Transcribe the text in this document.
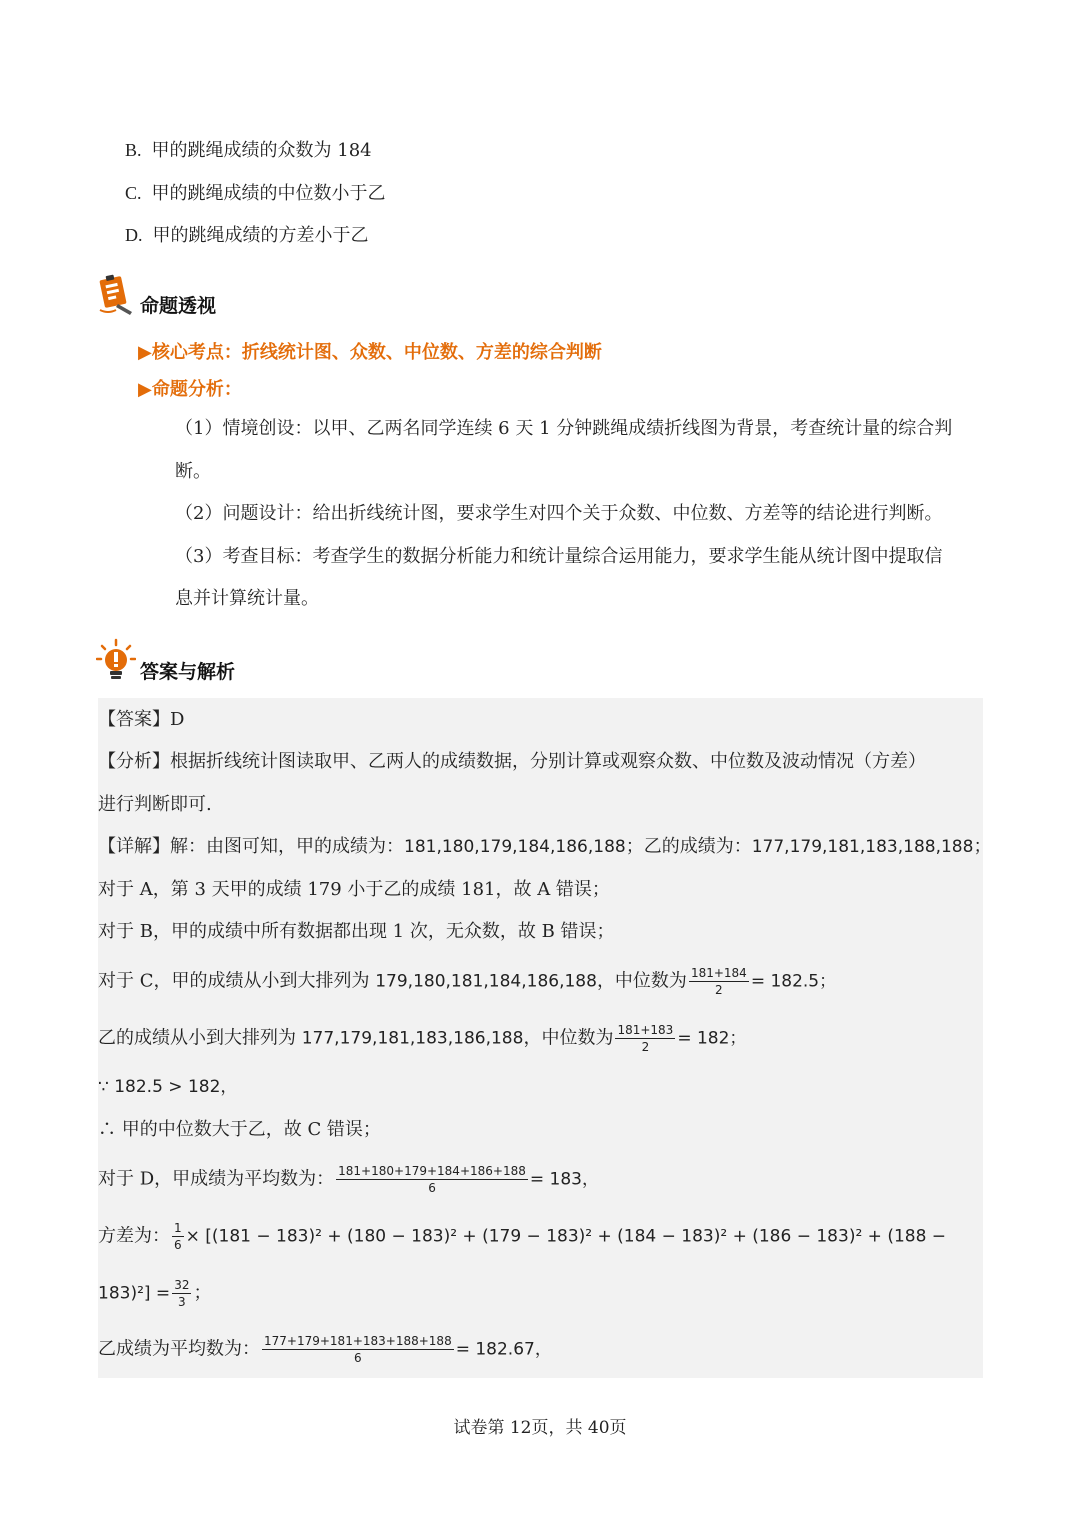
B. 甲的跳绳成绩的众数为 184
C. 甲的跳绳成绩的中位数小于乙
D. 甲的跳绳成绩的方差小于乙
命题透视
▶核心考点：折线统计图、众数、中位数、方差的综合判断
▶命题分析：
（1）情境创设：以甲、乙两名同学连续 6 天 1 分钟跳绳成绩折线图为背景，考查统计量的综合判
断。
（2）问题设计：给出折线统计图，要求学生对四个关于众数、中位数、方差等的结论进行判断。
（3）考查目标：考查学生的数据分析能力和统计量综合运用能力，要求学生能从统计图中提取信
息并计算统计量。
答案与解析
【答案】D
【分析】根据折线统计图读取甲、乙两人的成绩数据，分别计算或观察众数、中位数及波动情况（方差）
进行判断即可.
【详解】解：由图可知，甲的成绩为：181,180,179,184,186,188；乙的成绩为：177,179,181,183,188,188；
对于 A，第 3 天甲的成绩 179 小于乙的成绩 181，故 A 错误；
对于 B，甲的成绩中所有数据都出现 1 次，无众数，故 B 错误；
对于 C，甲的成绩从小到大排列为 179,180,181,184,186,188，中位数为 $\frac{181+184}{2} = 182.5$；
乙的成绩从小到大排列为 177,179,181,183,186,188，中位数为 $\frac{181+183}{2} = 182$；
∵ 182.5 > 182，
∴ 甲的中位数大于乙，故 C 错误；
对于 D，甲成绩为平均数为： $\frac{181+180+179+184+186+188}{6} = 183$，
方差为： $\frac{1}{6} \times [(181 - 183)^2 + (180 - 183)^2 + (179 - 183)^2 + (184 - 183)^2 + (186 - 183)^2 + (188$ −
$183)^2] = \frac{32}{3}$ ；
乙成绩为平均数为： $\frac{177+179+181+183+188+188}{6} = 182.67$，
试卷第 12页，共 40页
